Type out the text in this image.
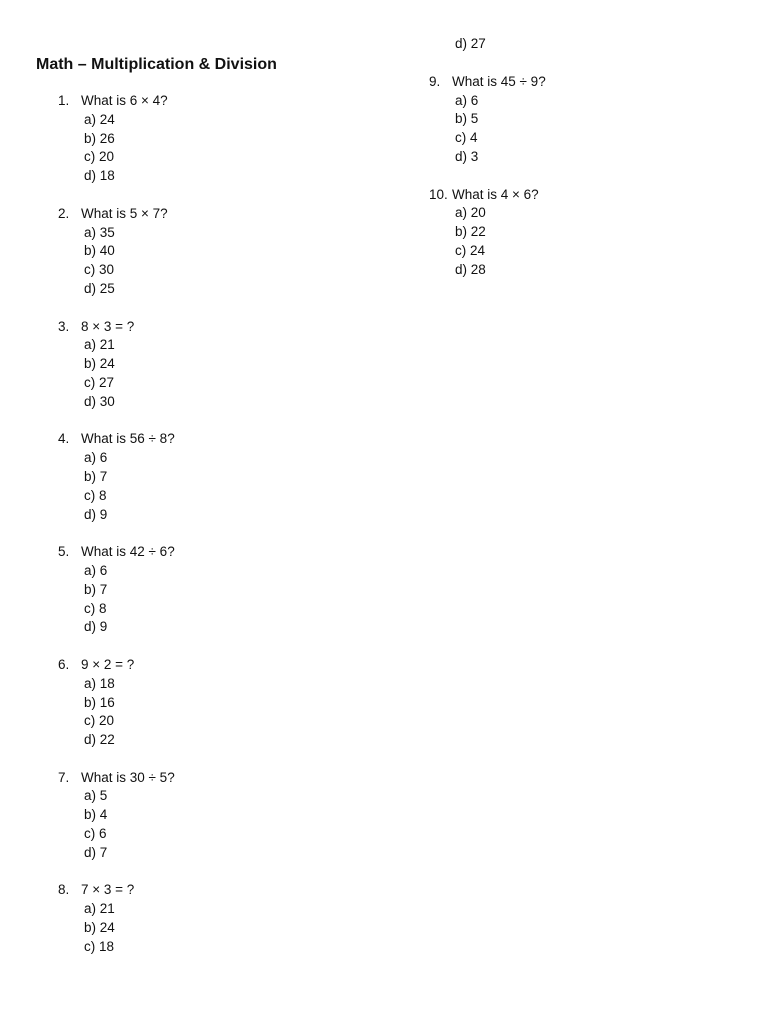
Math – Multiplication & Division
1. What is 6 × 4?
a) 24
b) 26
c) 20
d) 18
2. What is 5 × 7?
a) 35
b) 40
c) 30
d) 25
3. 8 × 3 = ?
a) 21
b) 24
c) 27
d) 30
4. What is 56 ÷ 8?
a) 6
b) 7
c) 8
d) 9
5. What is 42 ÷ 6?
a) 6
b) 7
c) 8
d) 9
6. 9 × 2 = ?
a) 18
b) 16
c) 20
d) 22
7. What is 30 ÷ 5?
a) 5
b) 4
c) 6
d) 7
8. 7 × 3 = ?
a) 21
b) 24
c) 18
d) 27
9. What is 45 ÷ 9?
a) 6
b) 5
c) 4
d) 3
10. What is 4 × 6?
a) 20
b) 22
c) 24
d) 28
